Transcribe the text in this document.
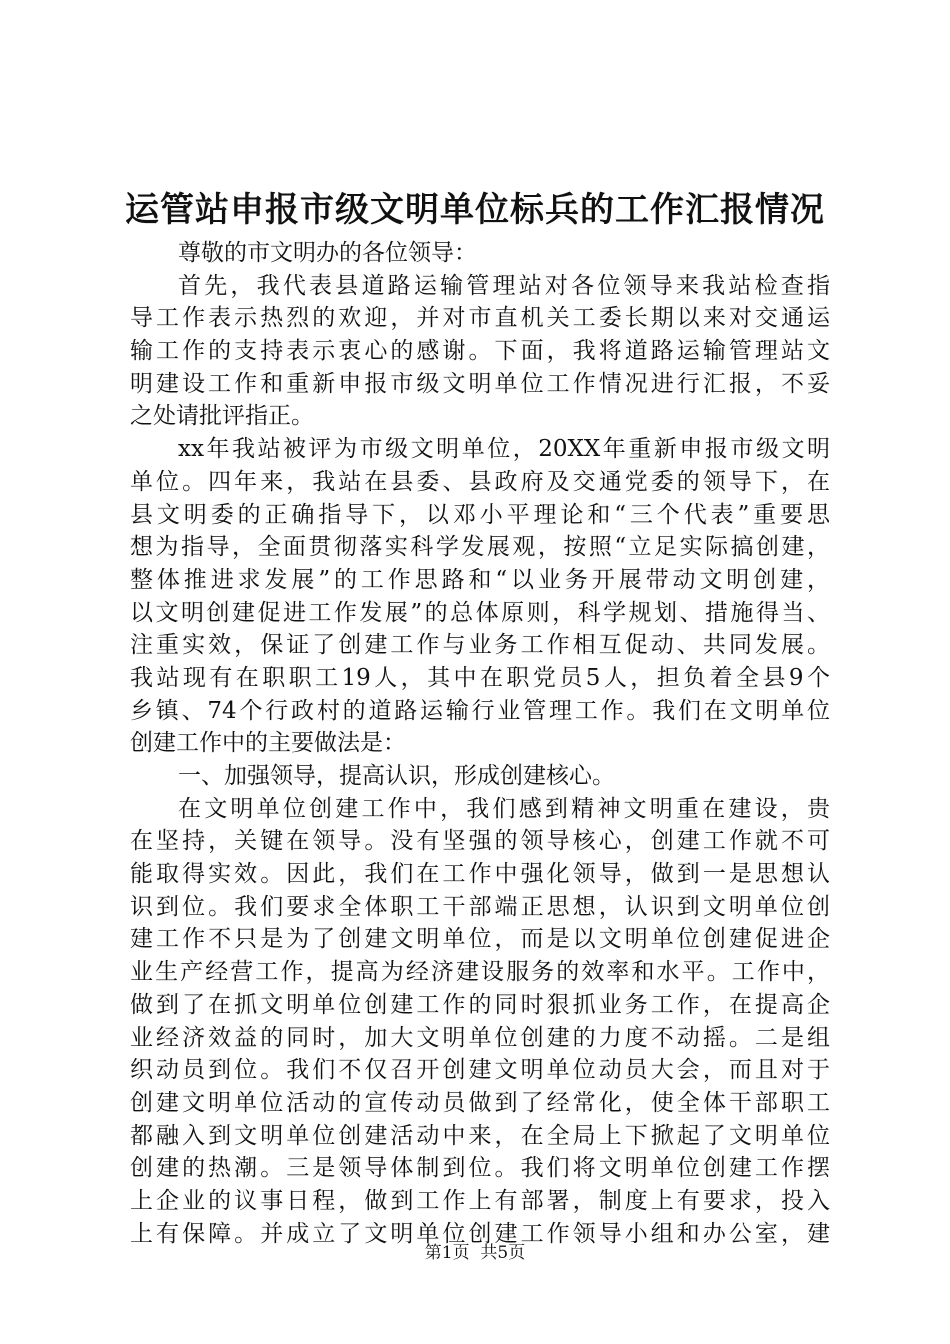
运管站申报市级文明单位标兵的工作汇报情况
尊敬的市文明办的各位领导：
首先，我代表县道路运输管理站对各位领导来我站检查指
导工作表示热烈的欢迎，并对市直机关工委长期以来对交通运
输工作的支持表示衷心的感谢。下面，我将道路运输管理站文
明建设工作和重新申报市级文明单位工作情况进行汇报，不妥
之处请批评指正。
xx年我站被评为市级文明单位，20XX年重新申报市级文明
单位。四年来，我站在县委、县政府及交通党委的领导下，在
县文明委的正确指导下，以邓小平理论和“三个代表”重要思
想为指导，全面贯彻落实科学发展观，按照“立足实际搞创建，
整体推进求发展”的工作思路和“以业务开展带动文明创建，
以文明创建促进工作发展”的总体原则，科学规划、措施得当、
注重实效，保证了创建工作与业务工作相互促动、共同发展。
我站现有在职职工19人，其中在职党员5人，担负着全县9个
乡镇、74个行政村的道路运输行业管理工作。我们在文明单位
创建工作中的主要做法是：
一、加强领导，提高认识，形成创建核心。
在文明单位创建工作中，我们感到精神文明重在建设，贵
在坚持，关键在领导。没有坚强的领导核心，创建工作就不可
能取得实效。因此，我们在工作中强化领导，做到一是思想认
识到位。我们要求全体职工干部端正思想，认识到文明单位创
建工作不只是为了创建文明单位，而是以文明单位创建促进企
业生产经营工作，提高为经济建设服务的效率和水平。工作中，
做到了在抓文明单位创建工作的同时狠抓业务工作，在提高企
业经济效益的同时，加大文明单位创建的力度不动摇。二是组
织动员到位。我们不仅召开创建文明单位动员大会，而且对于
创建文明单位活动的宣传动员做到了经常化，使全体干部职工
都融入到文明单位创建活动中来，在全局上下掀起了文明单位
创建的热潮。三是领导体制到位。我们将文明单位创建工作摆
上企业的议事日程，做到工作上有部署，制度上有要求，投入
上有保障。并成立了文明单位创建工作领导小组和办公室，建
第1页  共5页
